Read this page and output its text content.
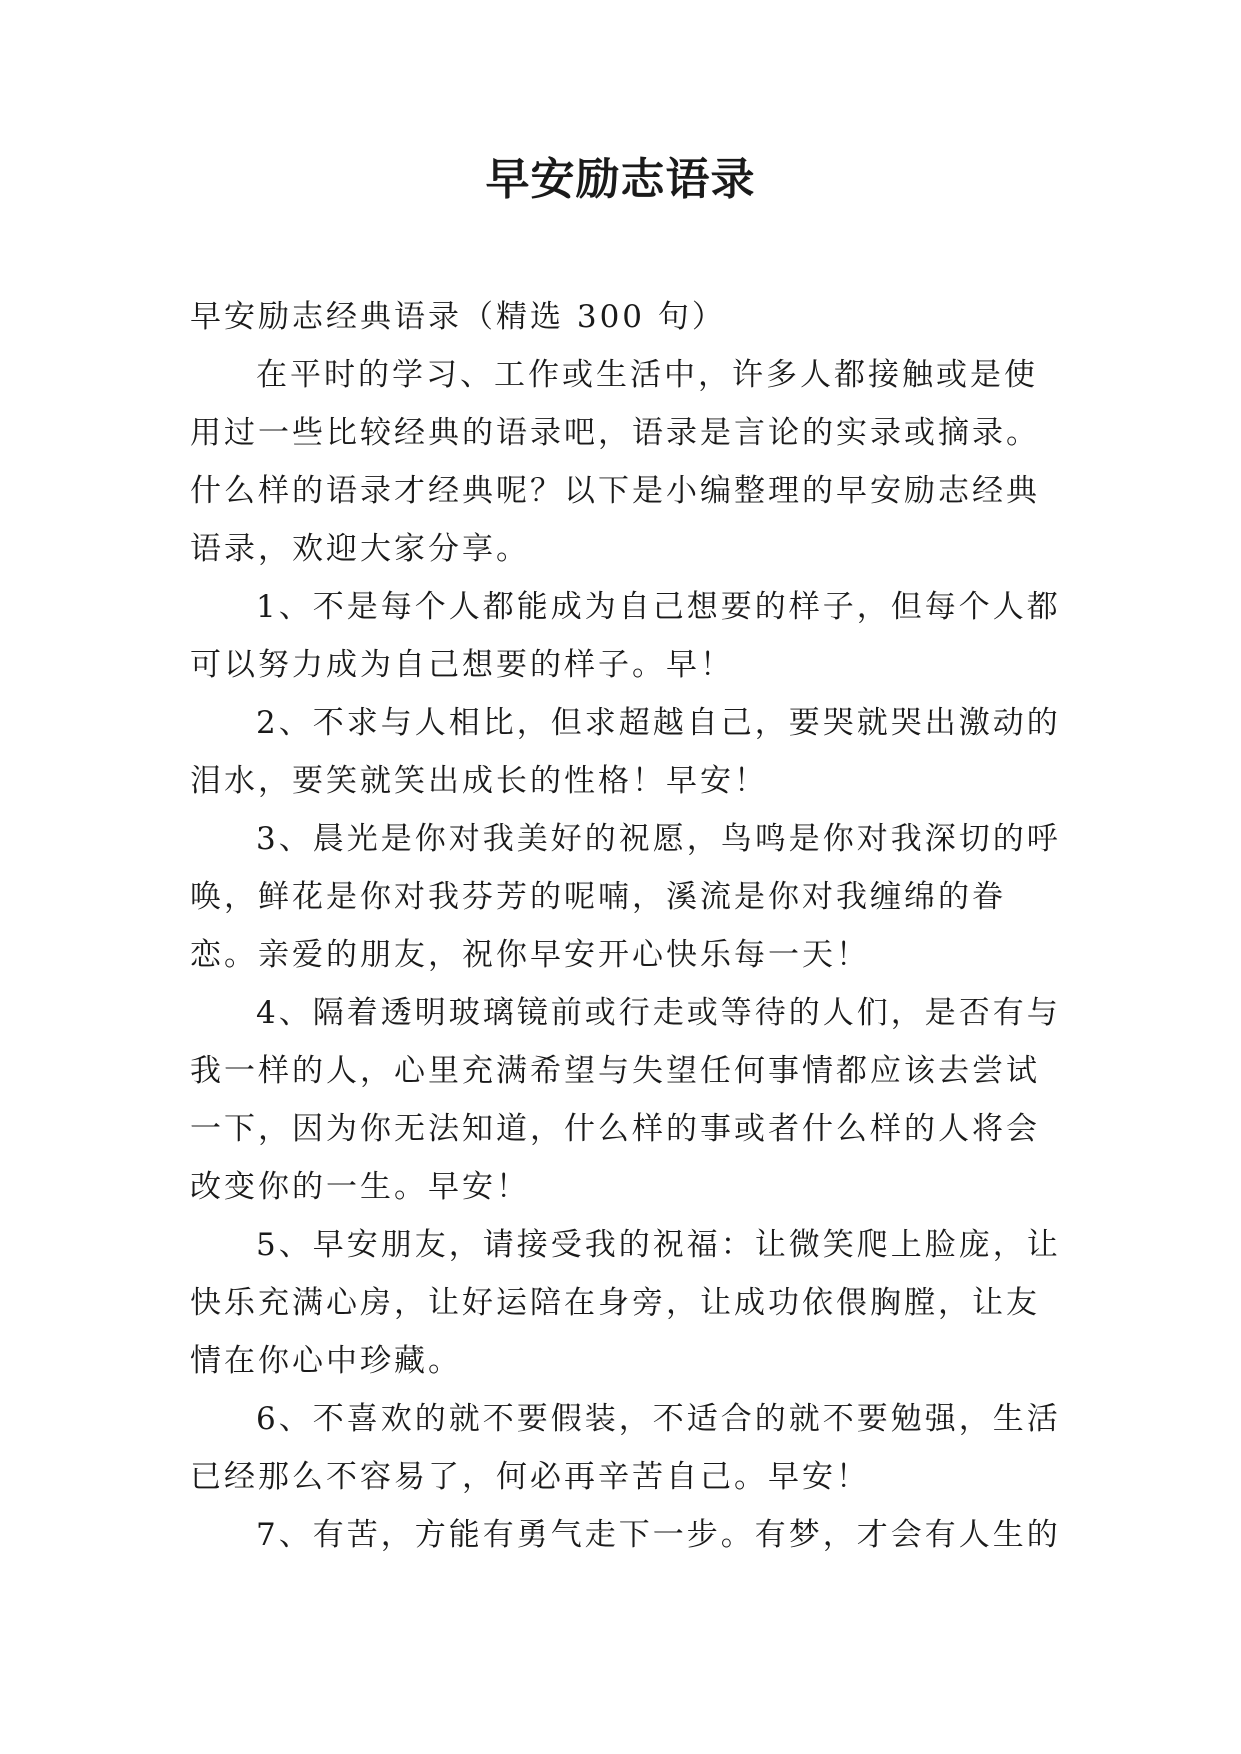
早安励志语录

早安励志经典语录（精选 300 句）

在平时的学习、工作或生活中，许多人都接触或是使用过一些比较经典的语录吧，语录是言论的实录或摘录。什么样的语录才经典呢？以下是小编整理的早安励志经典语录，欢迎大家分享。

1、不是每个人都能成为自己想要的样子，但每个人都可以努力成为自己想要的样子。早！

2、不求与人相比，但求超越自己，要哭就哭出激动的泪水，要笑就笑出成长的性格！早安！

3、晨光是你对我美好的祝愿，鸟鸣是你对我深切的呼唤，鲜花是你对我芬芳的呢喃，溪流是你对我缠绵的眷恋。亲爱的朋友，祝你早安开心快乐每一天！

4、隔着透明玻璃镜前或行走或等待的人们，是否有与我一样的人，心里充满希望与失望任何事情都应该去尝试一下，因为你无法知道，什么样的事或者什么样的人将会改变你的一生。早安！

5、早安朋友，请接受我的祝福：让微笑爬上脸庞，让快乐充满心房，让好运陪在身旁，让成功依偎胸膛，让友情在你心中珍藏。

6、不喜欢的就不要假装，不适合的就不要勉强，生活已经那么不容易了，何必再辛苦自己。早安！

7、有苦，方能有勇气走下一步。有梦，才会有人生的
